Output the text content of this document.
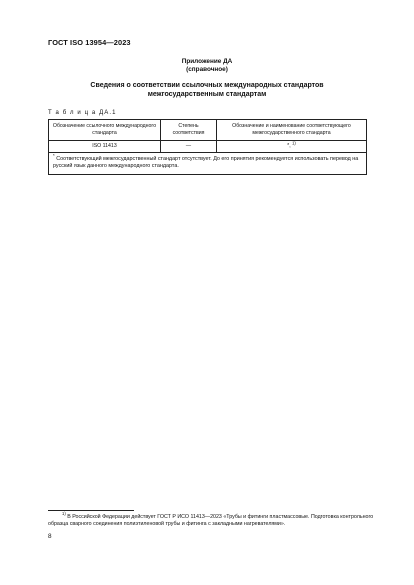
ГОСТ ISO 13954—2023
Приложение ДА
(справочное)
Сведения о соответствии ссылочных международных стандартов межгосударственным стандартам
Т а б л и ц а ДА.1
Обозначение ссылочного международного стандарта	Степень соответствия	Обозначение и наименование соответствующего межгосударственного стандарта
ISO 11413	—	*, $^{1)}$
* Соответствующий межгосударственный стандарт отсутствует. До его принятия рекомендуется использовать перевод на русский язык данного международного стандарта.		
$^{1)}$ В Российской Федерации действует ГОСТ Р ИСО 11413—2023 «Трубы и фитинги пластмассовые. Подготовка контрольного образца сварного соединения полиэтиленовой трубы и фитинга с закладными нагревателями».
8
